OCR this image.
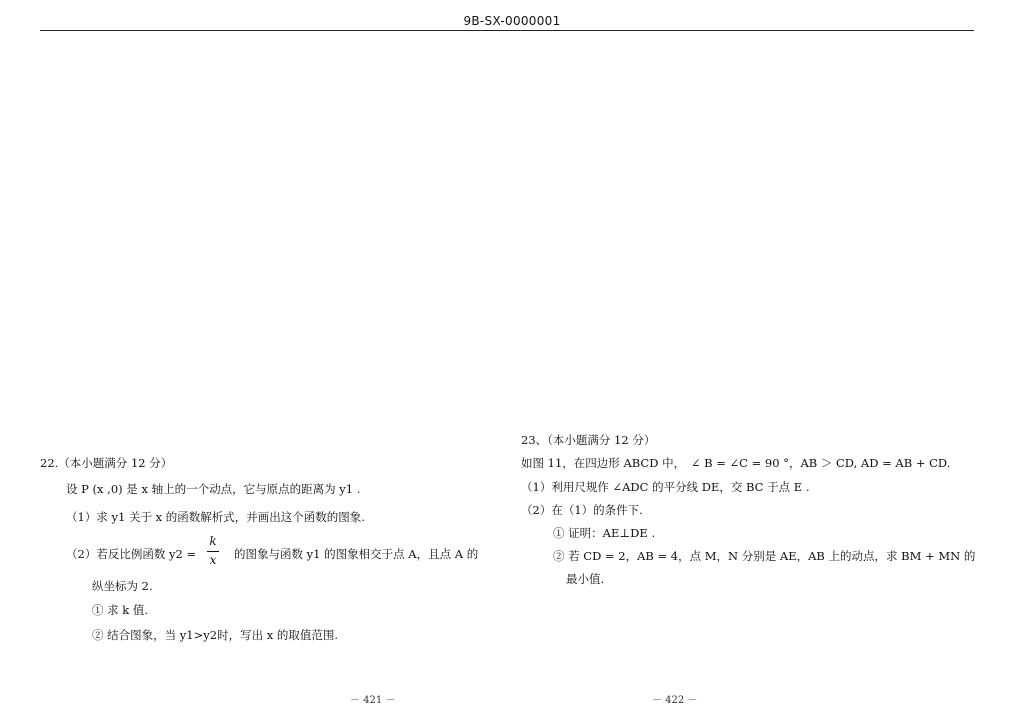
9B-SX-0000001
22.（本小题满分 12 分）
设 P (x ,0) 是 x 轴上的一个动点，它与原点的距离为 y1 .
（1）求 y1 关于 x 的函数解析式，并画出这个函数的图象.
（2）若反比例函数 y2 =
k
x	的图象与函数 y1 的图象相交于点 A，且点 A 的
纵坐标为 2.
① 求 k 值.
② 结合图象，当 y1>y2时，写出 x 的取值范围.
－ 421 －
23、（本小题满分 12 分）
如图 11，在四边形 ABCD 中，　∠ B = ∠C = 90 °，AB ＞ CD, AD = AB + CD.
（1）利用尺规作 ∠ADC 的平分线 DE，交 BC 于点 E .
（2）在（1）的条件下.
① 证明：AE⊥DE .
② 若 CD = 2，AB = 4，点 M，N 分别是 AE，AB 上的动点，求 BM + MN 的
最小值.
－ 422 －
